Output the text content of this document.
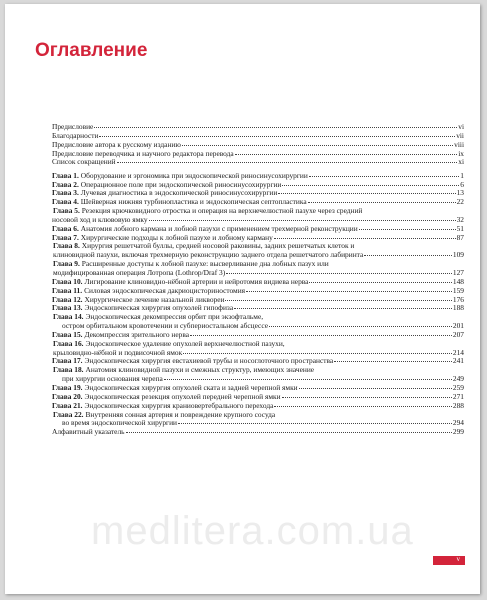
Оглавление
Предисловие	vi
Благодарности	vii
Предисловие автора к русскому изданию	viii
Предисловие переводчика и научного редактора перевода	ix
Список сокращений	xi
Глава 1. Оборудование и эргономика при эндоскопической риносинусохирургии	1
Глава 2. Операционное поле при эндоскопической риносинусохирургии	6
Глава 3. Лучевая диагностика в эндоскопической риносинусохирургии	13
Глава 4. Шейверная нижняя турбинопластика и эндоскопическая септопластика	22
Глава 5. Резекция крючковидного отростка и операция на верхнечелюстной пазухе через средний
носовой ход и клювовую ямку	32
Глава 6. Анатомия лобного кармана и лобной пазухи с применением трехмерной реконструкции	51
Глава 7. Хирургические подходы к лобной пазухе и лобному карману	87
Глава 8. Хирургия решетчатой буллы, средней носовой раковины, задних решетчатых клеток и
клиновидной пазухи, включая трехмерную реконструкцию заднего отдела решетчатого лабиринта	109
Глава 9. Расширенные доступы к лобной пазухе: высверливание дна лобных пазух или
модифицированная операция Лотропа (Lothrop/Draf 3)	127
Глава 10. Лигирование клиновидно-нёбной артерии и нейротомия видиева нерва	148
Глава 11. Силовая эндоскопическая дакриоцисториностомия	159
Глава 12. Хирургическое лечение назальной ликвореи	176
Глава 13. Эндоскопическая хирургия опухолей гипофиза	188
Глава 14. Эндоскопическая декомпрессия орбит при экзофтальме,
остром орбитальном кровотечении и субпериостальном абсцессе	201
Глава 15. Декомпрессия зрительного нерва	207
Глава 16. Эндоскопическое удаление опухолей верхнечелюстной пазухи,
крыловидно-нёбной и подвисочной ямок	214
Глава 17. Эндоскопическая хирургия евстахиевой трубы и носоглоточного пространства	241
Глава 18. Анатомия клиновидной пазухи и смежных структур, имеющих значение
при хирургии основания черепа	249
Глава 19. Эндоскопическая хирургия опухолей ската и задней черепной ямки	259
Глава 20. Эндоскопическая резекция опухолей передней черепной ямки	271
Глава 21. Эндоскопическая хирургия краниовертебрального перехода	288
Глава 22. Внутренняя сонная артерия и повреждение крупного сосуда
во время эндоскопической хирургии	294
Алфавитный указатель	299
medlitera.com.ua
v
